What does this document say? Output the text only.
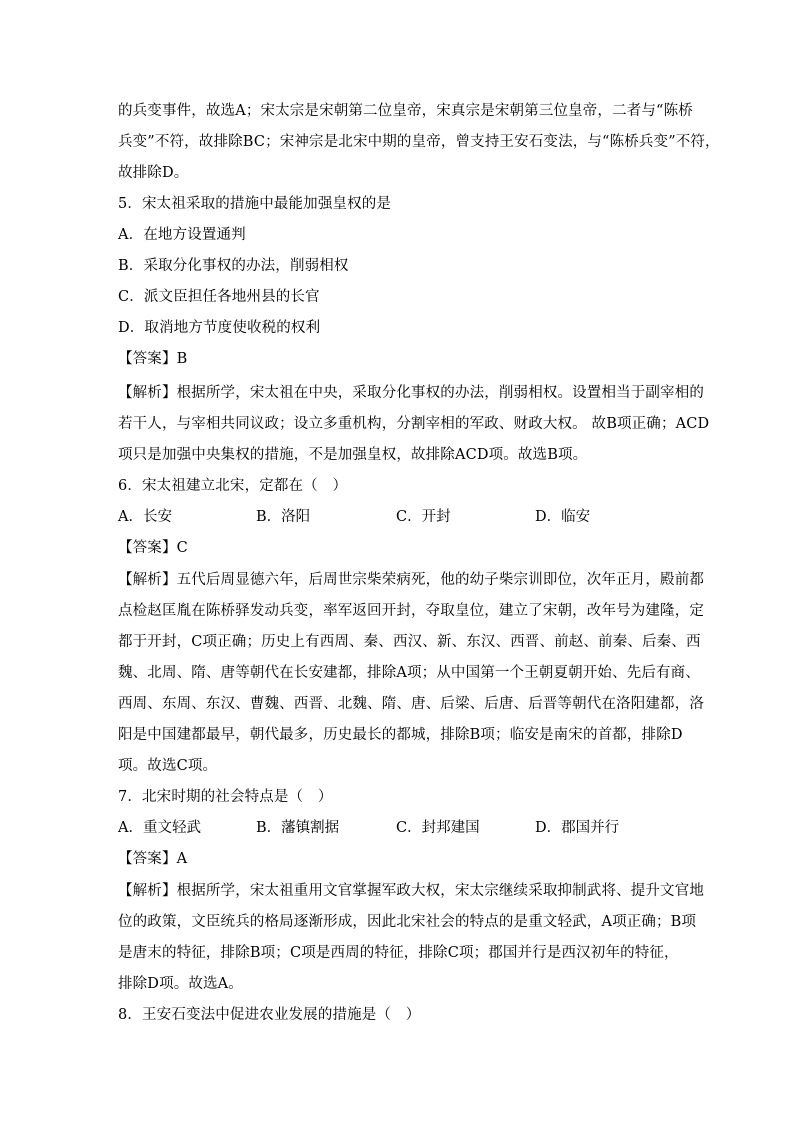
的兵变事件，故选A；宋太宗是宋朝第二位皇帝，宋真宗是宋朝第三位皇帝，二者与“陈桥
兵变”不符，故排除BC；宋神宗是北宋中期的皇帝，曾支持王安石变法，与“陈桥兵变”不符，
故排除D。
5．宋太祖采取的措施中最能加强皇权的是
A．在地方设置通判
B．采取分化事权的办法，削弱相权
C．派文臣担任各地州县的长官
D．取消地方节度使收税的权利
【答案】B
【解析】根据所学，宋太祖在中央，采取分化事权的办法，削弱相权。设置相当于副宰相的
若干人，与宰相共同议政；设立多重机构，分割宰相的军政、财政大权。 故B项正确；ACD
项只是加强中央集权的措施，不是加强皇权，故排除ACD项。故选B项。
6．宋太祖建立北宋，定都在（　）
A．长安	B．洛阳	C．开封	D．临安
【答案】C
【解析】五代后周显德六年，后周世宗柴荣病死，他的幼子柴宗训即位，次年正月，殿前都
点检赵匡胤在陈桥驿发动兵变，率军返回开封，夺取皇位，建立了宋朝，改年号为建隆，定
都于开封，C项正确；历史上有西周、秦、西汉、新、东汉、西晋、前赵、前秦、后秦、西
魏、北周、隋、唐等朝代在长安建都，排除A项；从中国第一个王朝夏朝开始、先后有商、
西周、东周、东汉、曹魏、西晋、北魏、隋、唐、后梁、后唐、后晋等朝代在洛阳建都，洛
阳是中国建都最早，朝代最多，历史最长的都城，排除B项；临安是南宋的首都，排除D
项。故选C项。
7．北宋时期的社会特点是（　）
A．重文轻武	B．藩镇割据	C．封邦建国	D．郡国并行
【答案】A
【解析】根据所学，宋太祖重用文官掌握军政大权，宋太宗继续采取抑制武将、提升文官地
位的政策，文臣统兵的格局逐渐形成，因此北宋社会的特点的是重文轻武，A项正确；B项
是唐末的特征，排除B项；C项是西周的特征，排除C项；郡国并行是西汉初年的特征，
排除D项。故选A。
8．王安石变法中促进农业发展的措施是（　）
